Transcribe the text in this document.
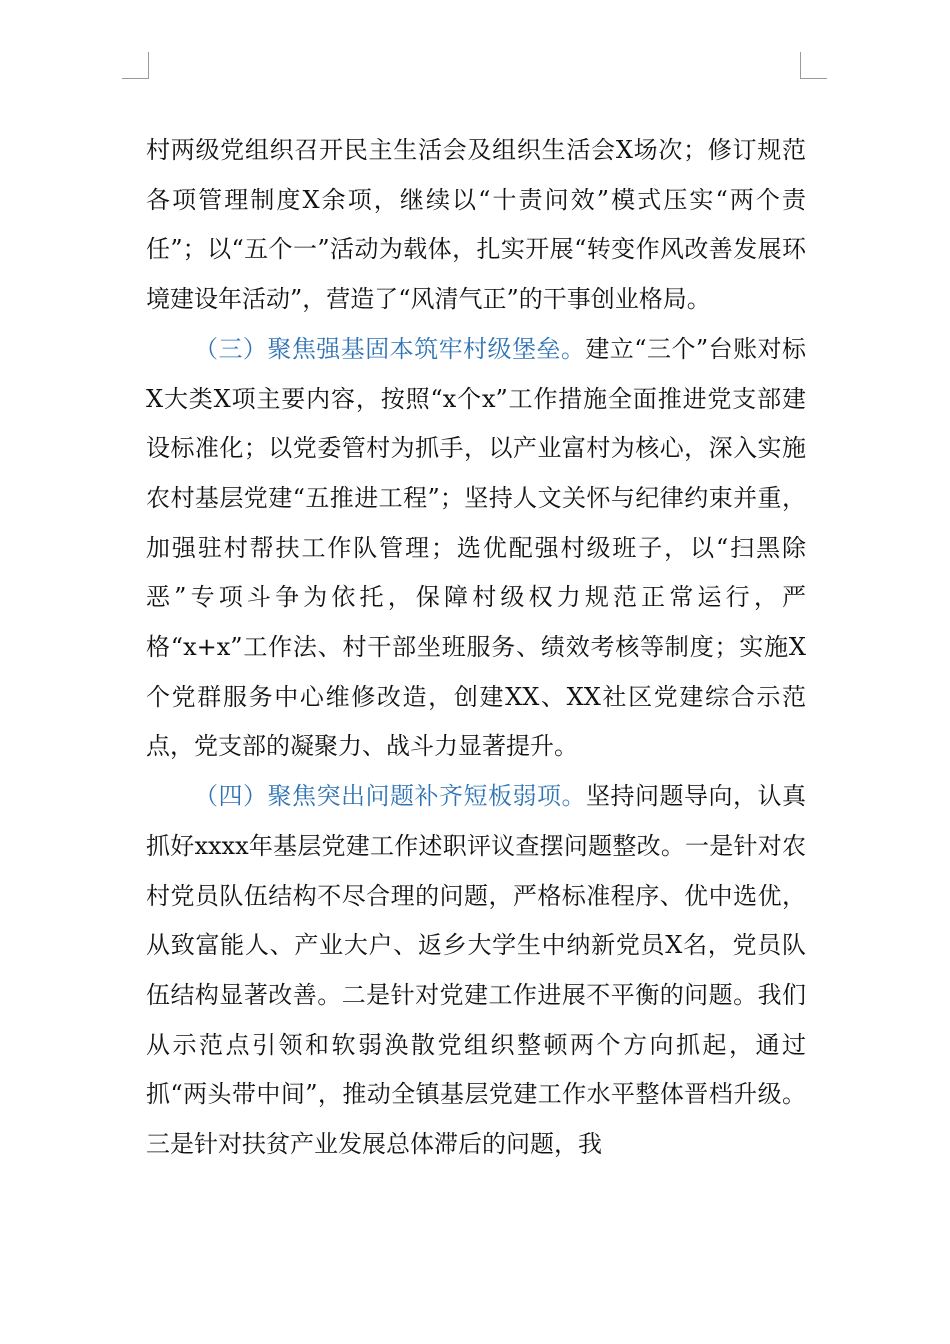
村两级党组织召开民主生活会及组织生活会X场次；修订规范各项管理制度X余项，继续以“十责问效”模式压实“两个责任”；以“五个一”活动为载体，扎实开展“转变作风改善发展环境建设年活动”，营造了“风清气正”的干事创业格局。

（三）聚焦强基固本筑牢村级堡垒。建立“三个”台账对标X大类X项主要内容，按照“x个x”工作措施全面推进党支部建设标准化；以党委管村为抓手，以产业富村为核心，深入实施农村基层党建“五推进工程”；坚持人文关怀与纪律约束并重，加强驻村帮扶工作队管理；选优配强村级班子，以“扫黑除恶”专项斗争为依托，保障村级权力规范正常运行，严格“x+x”工作法、村干部坐班服务、绩效考核等制度；实施X个党群服务中心维修改造，创建XX、XX社区党建综合示范点，党支部的凝聚力、战斗力显著提升。

（四）聚焦突出问题补齐短板弱项。坚持问题导向，认真抓好xxxx年基层党建工作述职评议查摆问题整改。一是针对农村党员队伍结构不尽合理的问题，严格标准程序、优中选优，从致富能人、产业大户、返乡大学生中纳新党员X名，党员队伍结构显著改善。二是针对党建工作进展不平衡的问题。我们从示范点引领和软弱涣散党组织整顿两个方向抓起，通过抓“两头带中间”，推动全镇基层党建工作水平整体晋档升级。三是针对扶贫产业发展总体滞后的问题，我
